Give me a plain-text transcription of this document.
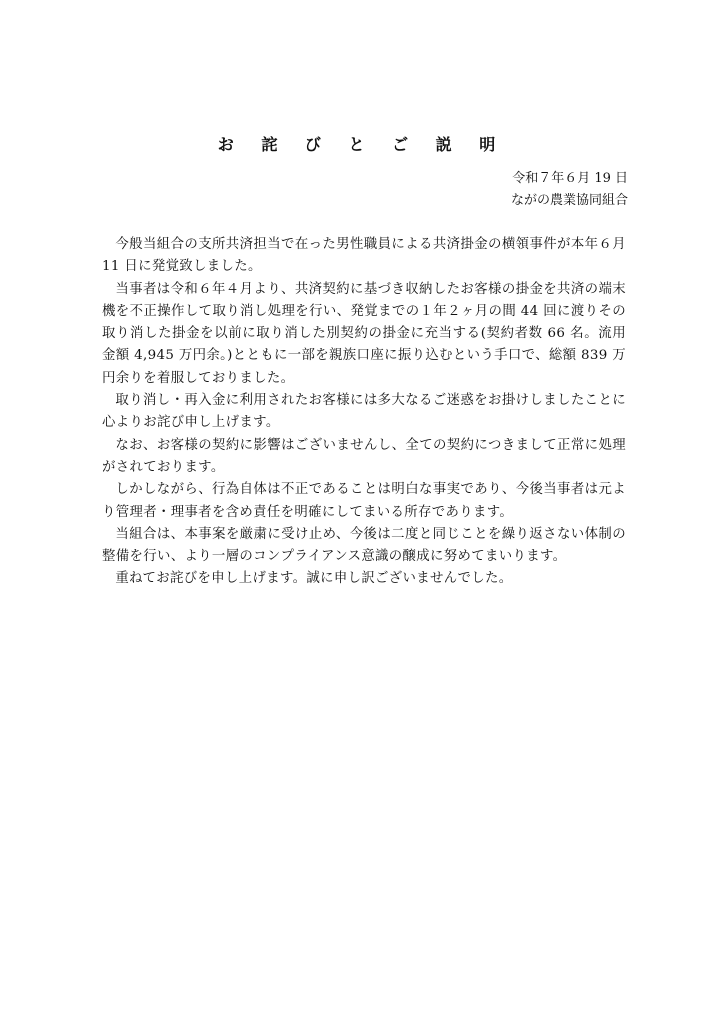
お 詫 び と ご 説 明
令和７年６月 19 日
ながの農業協同組合

今般当組合の支所共済担当で在った男性職員による共済掛金の横領事件が本年６月 11 日に発覚致しました。

当事者は令和６年４月より、共済契約に基づき収納したお客様の掛金を共済の端末機を不正操作して取り消し処理を行い、発覚までの１年２ヶ月の間 44 回に渡りその取り消した掛金を以前に取り消した別契約の掛金に充当する(契約者数 66 名。流用金額 4,945 万円余。)とともに一部を親族口座に振り込むという手口で、総額 839 万円余りを着服しておりました。

取り消し・再入金に利用されたお客様には多大なるご迷惑をお掛けしましたことに心よりお詫び申し上げます。

なお、お客様の契約に影響はございませんし、全ての契約につきまして正常に処理がされております。

しかしながら、行為自体は不正であることは明白な事実であり、今後当事者は元より管理者・理事者を含め責任を明確にしてまいる所存であります。

当組合は、本事案を厳粛に受け止め、今後は二度と同じことを繰り返さない体制の整備を行い、より一層のコンプライアンス意識の醸成に努めてまいります。

重ねてお詫びを申し上げます。誠に申し訳ございませんでした。
